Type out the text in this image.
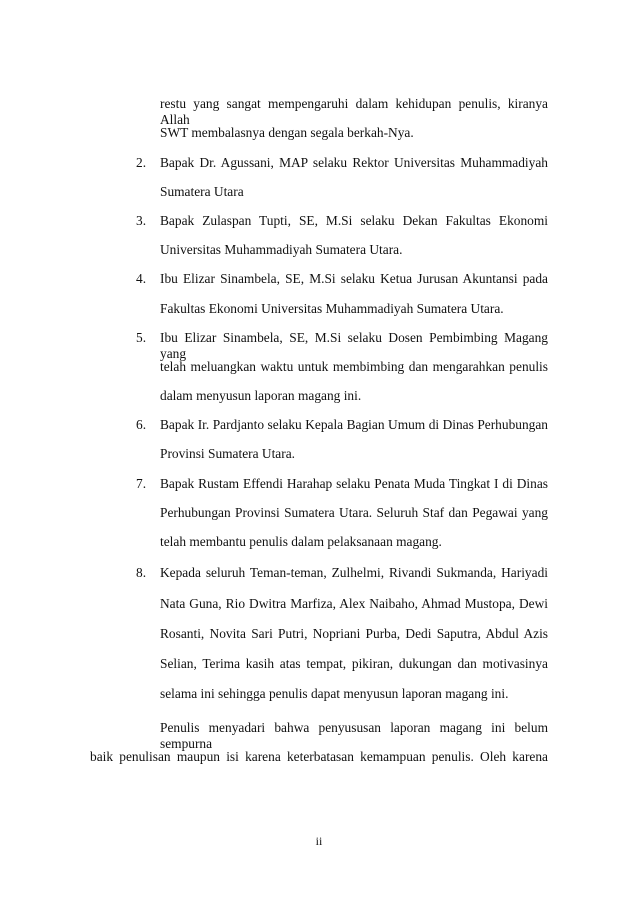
restu yang sangat mempengaruhi dalam kehidupan penulis, kiranya Allah
SWT membalasnya dengan segala berkah-Nya.
2. Bapak Dr. Agussani, MAP selaku Rektor Universitas Muhammadiyah
Sumatera Utara
3. Bapak Zulaspan Tupti, SE, M.Si selaku Dekan Fakultas Ekonomi
Universitas Muhammadiyah Sumatera Utara.
4. Ibu Elizar Sinambela, SE, M.Si selaku Ketua Jurusan Akuntansi pada
Fakultas Ekonomi Universitas Muhammadiyah Sumatera Utara.
5. Ibu Elizar Sinambela, SE, M.Si selaku Dosen Pembimbing Magang yang
telah meluangkan waktu untuk membimbing dan mengarahkan penulis
dalam menyusun laporan magang ini.
6. Bapak Ir. Pardjanto selaku Kepala Bagian Umum di Dinas Perhubungan
Provinsi Sumatera Utara.
7. Bapak Rustam Effendi Harahap selaku Penata Muda Tingkat I di Dinas
Perhubungan Provinsi Sumatera Utara. Seluruh Staf dan Pegawai yang
telah membantu penulis dalam pelaksanaan magang.
8. Kepada seluruh Teman-teman, Zulhelmi, Rivandi Sukmanda, Hariyadi
Nata Guna, Rio Dwitra Marfiza, Alex Naibaho, Ahmad Mustopa, Dewi
Rosanti, Novita Sari Putri, Nopriani Purba, Dedi Saputra, Abdul Azis
Selian, Terima kasih atas tempat, pikiran, dukungan dan motivasinya
selama ini sehingga penulis dapat menyusun laporan magang ini.
Penulis menyadari bahwa penyususan laporan magang ini belum sempurna
baik penulisan maupun isi karena keterbatasan kemampuan penulis. Oleh karena
ii
